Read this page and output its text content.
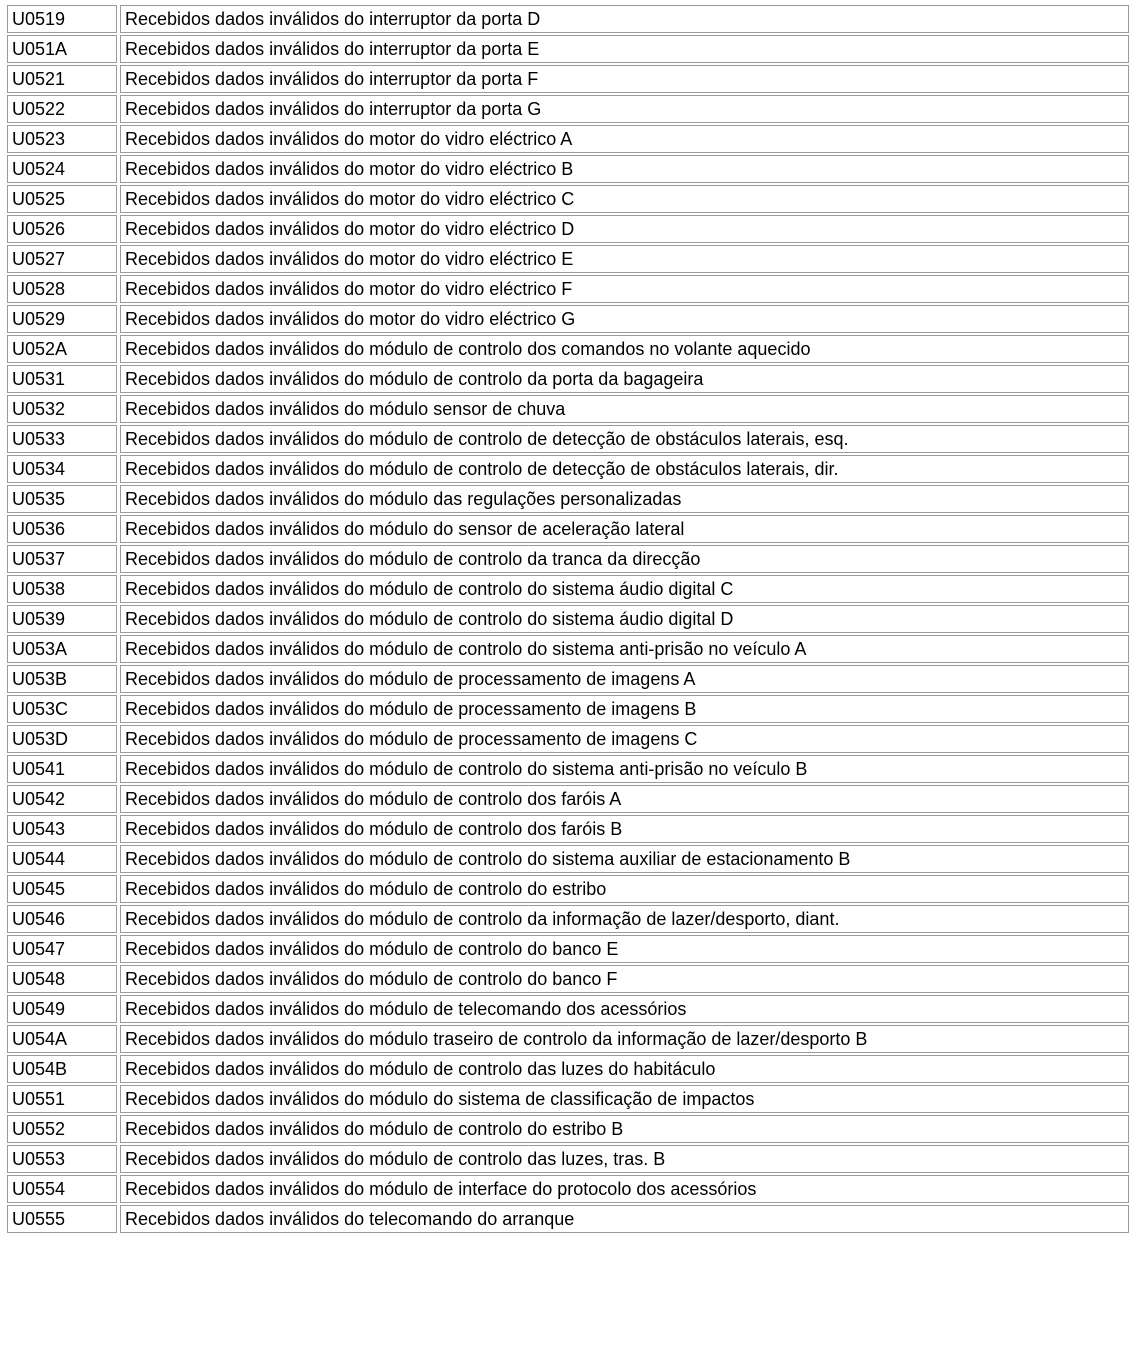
U0519	Recebidos dados inválidos do interruptor da porta D
U051A	Recebidos dados inválidos do interruptor da porta E
U0521	Recebidos dados inválidos do interruptor da porta F
U0522	Recebidos dados inválidos do interruptor da porta G
U0523	Recebidos dados inválidos do motor do vidro eléctrico A
U0524	Recebidos dados inválidos do motor do vidro eléctrico B
U0525	Recebidos dados inválidos do motor do vidro eléctrico C
U0526	Recebidos dados inválidos do motor do vidro eléctrico D
U0527	Recebidos dados inválidos do motor do vidro eléctrico E
U0528	Recebidos dados inválidos do motor do vidro eléctrico F
U0529	Recebidos dados inválidos do motor do vidro eléctrico G
U052A	Recebidos dados inválidos do módulo de controlo dos comandos no volante aquecido
U0531	Recebidos dados inválidos do módulo de controlo da porta da bagageira
U0532	Recebidos dados inválidos do módulo sensor de chuva
U0533	Recebidos dados inválidos do módulo de controlo de detecção de obstáculos laterais, esq.
U0534	Recebidos dados inválidos do módulo de controlo de detecção de obstáculos laterais, dir.
U0535	Recebidos dados inválidos do módulo das regulações personalizadas
U0536	Recebidos dados inválidos do módulo do sensor de aceleração lateral
U0537	Recebidos dados inválidos do módulo de controlo da tranca da direcção
U0538	Recebidos dados inválidos do módulo de controlo do sistema áudio digital C
U0539	Recebidos dados inválidos do módulo de controlo do sistema áudio digital D
U053A	Recebidos dados inválidos do módulo de controlo do sistema anti-prisão no veículo A
U053B	Recebidos dados inválidos do módulo de processamento de imagens A
U053C	Recebidos dados inválidos do módulo de processamento de imagens B
U053D	Recebidos dados inválidos do módulo de processamento de imagens C
U0541	Recebidos dados inválidos do módulo de controlo do sistema anti-prisão no veículo B
U0542	Recebidos dados inválidos do módulo de controlo dos faróis A
U0543	Recebidos dados inválidos do módulo de controlo dos faróis B
U0544	Recebidos dados inválidos do módulo de controlo do sistema auxiliar de estacionamento B
U0545	Recebidos dados inválidos do módulo de controlo do estribo
U0546	Recebidos dados inválidos do módulo de controlo da informação de lazer/desporto, diant.
U0547	Recebidos dados inválidos do módulo de controlo do banco E
U0548	Recebidos dados inválidos do módulo de controlo do banco F
U0549	Recebidos dados inválidos do módulo de telecomando dos acessórios
U054A	Recebidos dados inválidos do módulo traseiro de controlo da informação de lazer/desporto B
U054B	Recebidos dados inválidos do módulo de controlo das luzes do habitáculo
U0551	Recebidos dados inválidos do módulo do sistema de classificação de impactos
U0552	Recebidos dados inválidos do módulo de controlo do estribo B
U0553	Recebidos dados inválidos do módulo de controlo das luzes, tras. B
U0554	Recebidos dados inválidos do módulo de interface do protocolo dos acessórios
U0555	Recebidos dados inválidos do telecomando do arranque
